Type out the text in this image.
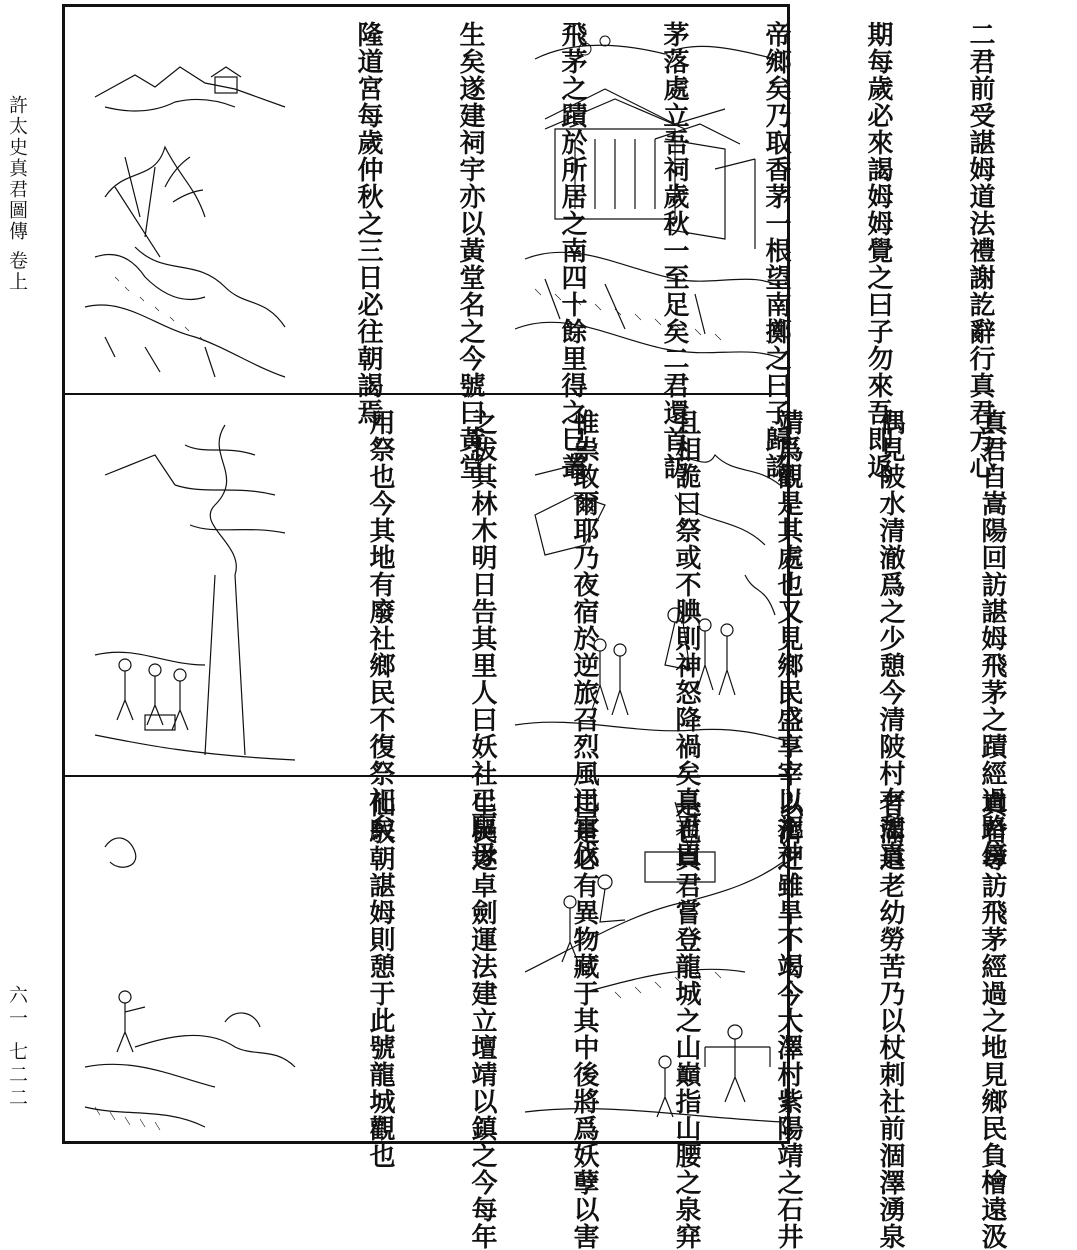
許太史真君圖傳 卷上
六一 七二二

二君前受諶姆道法禮謝訖辭行真君方心

期每歲必來謁姆姆覺之曰子勿來吾即返

帝鄉矣乃取香茅一根望南擲之曰子歸認

茅落處立吾祠歲秋一至足矣二君還首訪

飛茅之蹟於所居之南四十餘里得之巳叢

生矣遂建祠宇亦以黃堂名之今號曰黃堂

隆道宮每歲仲秋之三日必往朝謁焉

真君自嵩陽回訪諶姆飛茅之蹟經過路傍

偶見陂水清澈爲之少憩今清陂村有憩真

靖爲觀是其處也又見鄉民盛享宰以祀神

且相詭曰祭或不腆則神怒降禍矣真君曰

惟祟敢爾耶乃夜宿於逆旅召烈風迅雷伐

之拔其林木明日告其里人曰妖社已驅毋

用祭也今其地有廢社鄉民不復祭祀矣

真君尋訪飛茅經過之地見鄉民負檜遠汲

者滿道老幼勞苦乃以杖刺社前涸澤湧泉

以濟之雖旱不竭今大澤村紫陽靖之石井

是也真君嘗登龍城之山巔指山腰之泉穽

曰是必有異物藏于其中後將爲妖孽以害

生民遂卓劍運法建立壇靖以鎮之今每年

仙馭朝諶姆則憩于此號龍城觀也
